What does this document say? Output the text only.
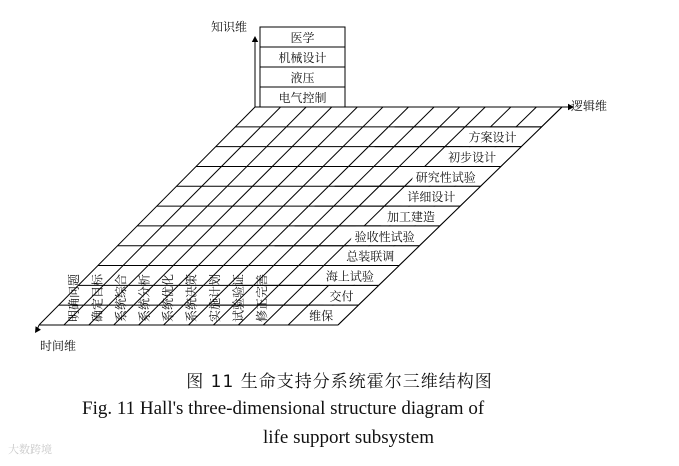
医学
机械设计
液压
电气控制
维保
交付
海上试验
总装联调
验收性试验
加工建造
详细设计
研究性试验
初步设计
方案设计
明确问题 确定目标 系统综合 系统分析 系统优化 系统决策 实施计划 试验验证 修正完善
知识维
逻辑维
时间维
图 11 生命支持分系统霍尔三维结构图
Fig. 11 Hall's three-dimensional structure diagram of
life support subsystem
大数跨境
